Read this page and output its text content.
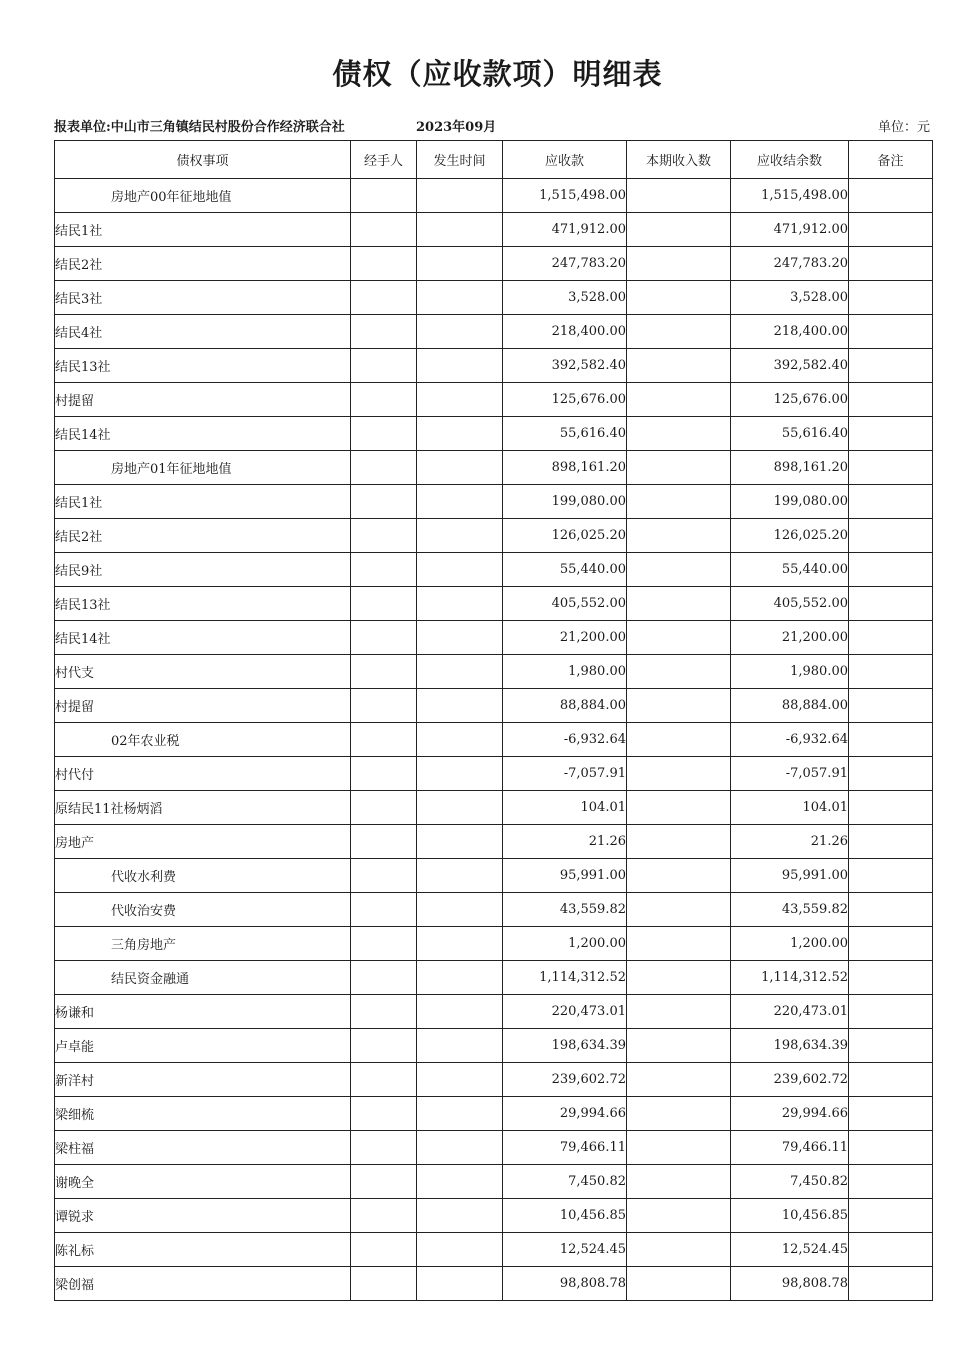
债权（应收款项）明细表
报表单位:中山市三角镇结民村股份合作经济联合社	2023年09月	单位：元
债权事项	经手人	发生时间	应收款	本期收入数	应收结余数	备注
房地产00年征地地值			1,515,498.00		1,515,498.00	
结民1社			471,912.00		471,912.00	
结民2社			247,783.20		247,783.20	
结民3社			3,528.00		3,528.00	
结民4社			218,400.00		218,400.00	
结民13社			392,582.40		392,582.40	
村提留			125,676.00		125,676.00	
结民14社			55,616.40		55,616.40	
房地产01年征地地值			898,161.20		898,161.20	
结民1社			199,080.00		199,080.00	
结民2社			126,025.20		126,025.20	
结民9社			55,440.00		55,440.00	
结民13社			405,552.00		405,552.00	
结民14社			21,200.00		21,200.00	
村代支			1,980.00		1,980.00	
村提留			88,884.00		88,884.00	
02年农业税			-6,932.64		-6,932.64	
村代付			-7,057.91		-7,057.91	
原结民11社杨炳滔			104.01		104.01	
房地产			21.26		21.26	
代收水利费			95,991.00		95,991.00	
代收治安费			43,559.82		43,559.82	
三角房地产			1,200.00		1,200.00	
结民资金融通			1,114,312.52		1,114,312.52	
杨谦和			220,473.01		220,473.01	
卢卓能			198,634.39		198,634.39	
新洋村			239,602.72		239,602.72	
梁细梳			29,994.66		29,994.66	
梁柱福			79,466.11		79,466.11	
谢晚全			7,450.82		7,450.82	
谭锐求			10,456.85		10,456.85	
陈礼标			12,524.45		12,524.45	
梁创福			98,808.78		98,808.78	
